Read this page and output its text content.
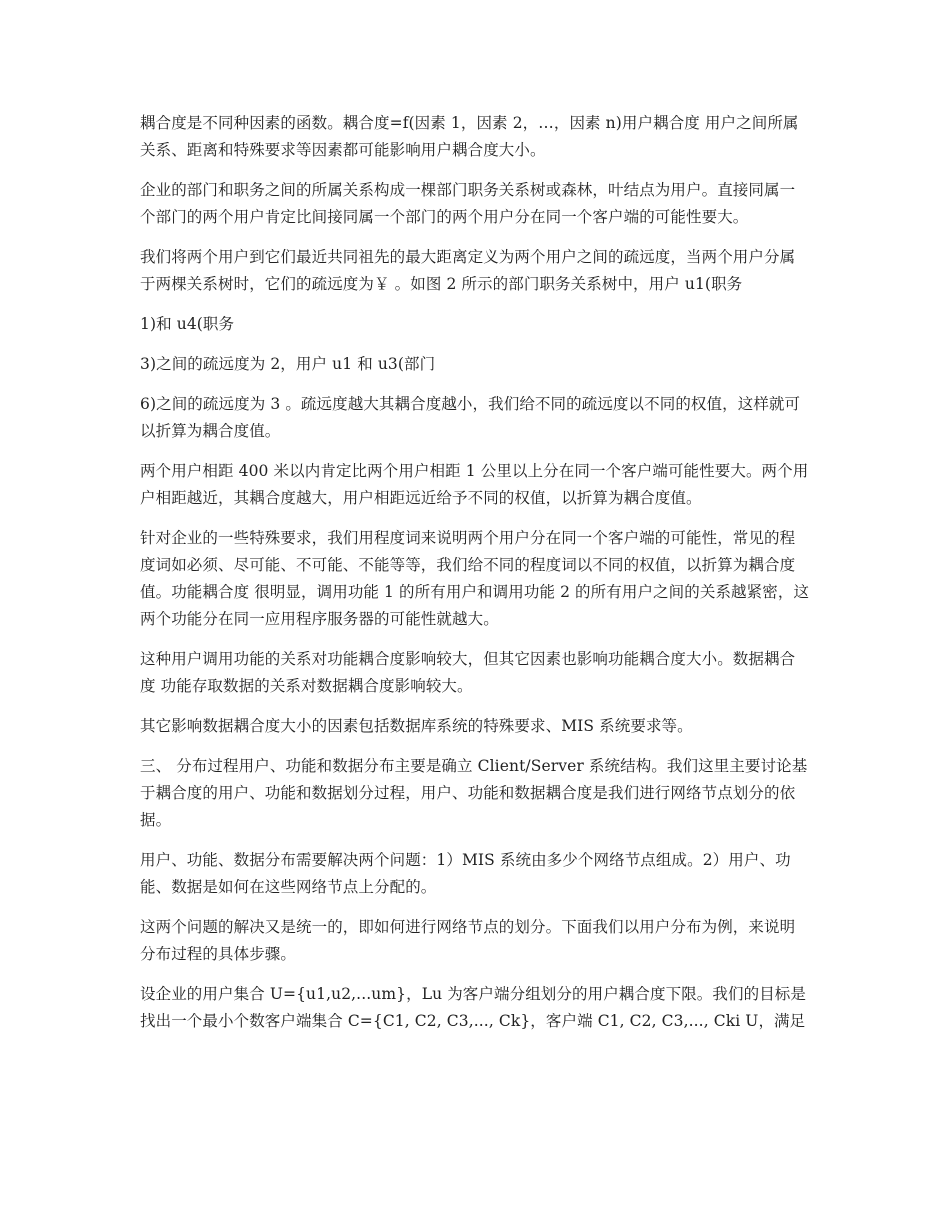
耦合度是不同种因素的函数。耦合度=f(因素 1，因素 2，…，因素 n)用户耦合度 用户之间所属关系、距离和特殊要求等因素都可能影响用户耦合度大小。

企业的部门和职务之间的所属关系构成一棵部门职务关系树或森林，叶结点为用户。直接同属一个部门的两个用户肯定比间接同属一个部门的两个用户分在同一个客户端的可能性要大。

我们将两个用户到它们最近共同祖先的最大距离定义为两个用户之间的疏远度，当两个用户分属于两棵关系树时，它们的疏远度为￥ 。如图 2 所示的部门职务关系树中，用户 u1(职务

1)和 u4(职务

3)之间的疏远度为 2，用户 u1 和 u3(部门

6)之间的疏远度为 3 。疏远度越大其耦合度越小，我们给不同的疏远度以不同的权值，这样就可以折算为耦合度值。

两个用户相距 400 米以内肯定比两个用户相距 1 公里以上分在同一个客户端可能性要大。两个用户相距越近，其耦合度越大，用户相距远近给予不同的权值，以折算为耦合度值。

针对企业的一些特殊要求，我们用程度词来说明两个用户分在同一个客户端的可能性，常见的程度词如必须、尽可能、不可能、不能等等，我们给不同的程度词以不同的权值，以折算为耦合度值。功能耦合度 很明显，调用功能 1 的所有用户和调用功能 2 的所有用户之间的关系越紧密，这两个功能分在同一应用程序服务器的可能性就越大。

这种用户调用功能的关系对功能耦合度影响较大，但其它因素也影响功能耦合度大小。数据耦合度 功能存取数据的关系对数据耦合度影响较大。

其它影响数据耦合度大小的因素包括数据库系统的特殊要求、MIS 系统要求等。

三、 分布过程用户、功能和数据分布主要是确立 Client/Server 系统结构。我们这里主要讨论基于耦合度的用户、功能和数据划分过程，用户、功能和数据耦合度是我们进行网络节点划分的依据。

用户、功能、数据分布需要解决两个问题：1）MIS 系统由多少个网络节点组成。2）用户、功能、数据是如何在这些网络节点上分配的。

这两个问题的解决又是统一的，即如何进行网络节点的划分。下面我们以用户分布为例，来说明分布过程的具体步骤。

设企业的用户集合 U={u1,u2,...um}，Lu 为客户端分组划分的用户耦合度下限。我们的目标是找出一个最小个数客户端集合 C={C1, C2, C3,..., Ck}，客户端 C1, C2, C3,..., Cki U，满足
